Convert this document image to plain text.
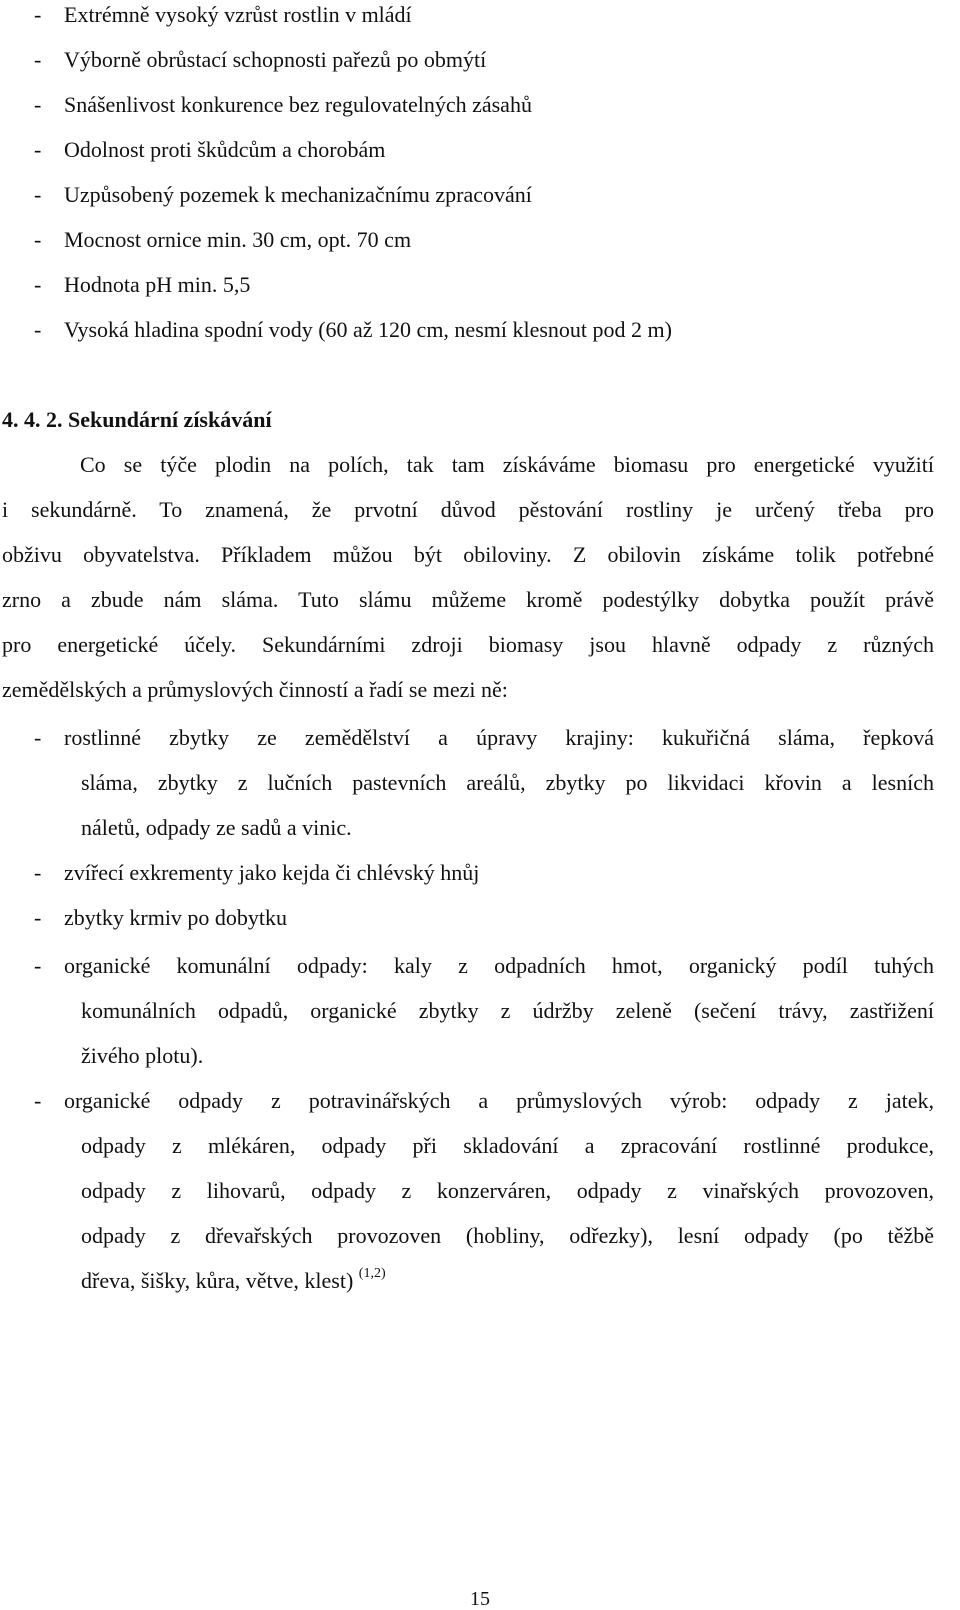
- Extrémně vysoký vzrůst rostlin v mládí
- Výborně obrůstací schopnosti pařezů po obmýtí
- Snášenlivost konkurence bez regulovatelných zásahů
- Odolnost proti škůdcům a chorobám
- Uzpůsobený pozemek k mechanizačnímu zpracování
- Mocnost ornice min. 30 cm, opt. 70 cm
- Hodnota pH min. 5,5
- Vysoká hladina spodní vody (60 až 120 cm, nesmí klesnout pod 2 m)
4. 4. 2. Sekundární získávání
Co se týče plodin na polích, tak tam získáváme biomasu pro energetické využití
i sekundárně. To znamená, že prvotní důvod pěstování rostliny je určený třeba pro
obživu obyvatelstva. Příkladem můžou být obiloviny. Z obilovin získáme tolik potřebné
zrno a zbude nám sláma. Tuto slámu můžeme kromě podestýlky dobytka použít právě
pro energetické účely. Sekundárními zdroji biomasy jsou hlavně odpady z různých
zemědělských a průmyslových činností a řadí se mezi ně:
- rostlinné zbytky ze zemědělství a úpravy krajiny: kukuřičná sláma, řepková
sláma, zbytky z lučních pastevních areálů, zbytky po likvidaci křovin a lesních
náletů, odpady ze sadů a vinic.
- zvířecí exkrementy jako kejda či chlévský hnůj
- zbytky krmiv po dobytku
- organické komunální odpady: kaly z odpadních hmot, organický podíl tuhých
komunálních odpadů, organické zbytky z údržby zeleně (sečení trávy, zastřižení
živého plotu).
- organické odpady z potravinářských a průmyslových výrob: odpady z jatek,
odpady z mlékáren, odpady při skladování a zpracování rostlinné produkce,
odpady z lihovarů, odpady z konzerváren, odpady z vinařských provozoven,
odpady z dřevařských provozoven (hobliny, odřezky), lesní odpady (po těžbě
dřeva, šišky, kůra, větve, klest) $^{(1,2)}$
15
